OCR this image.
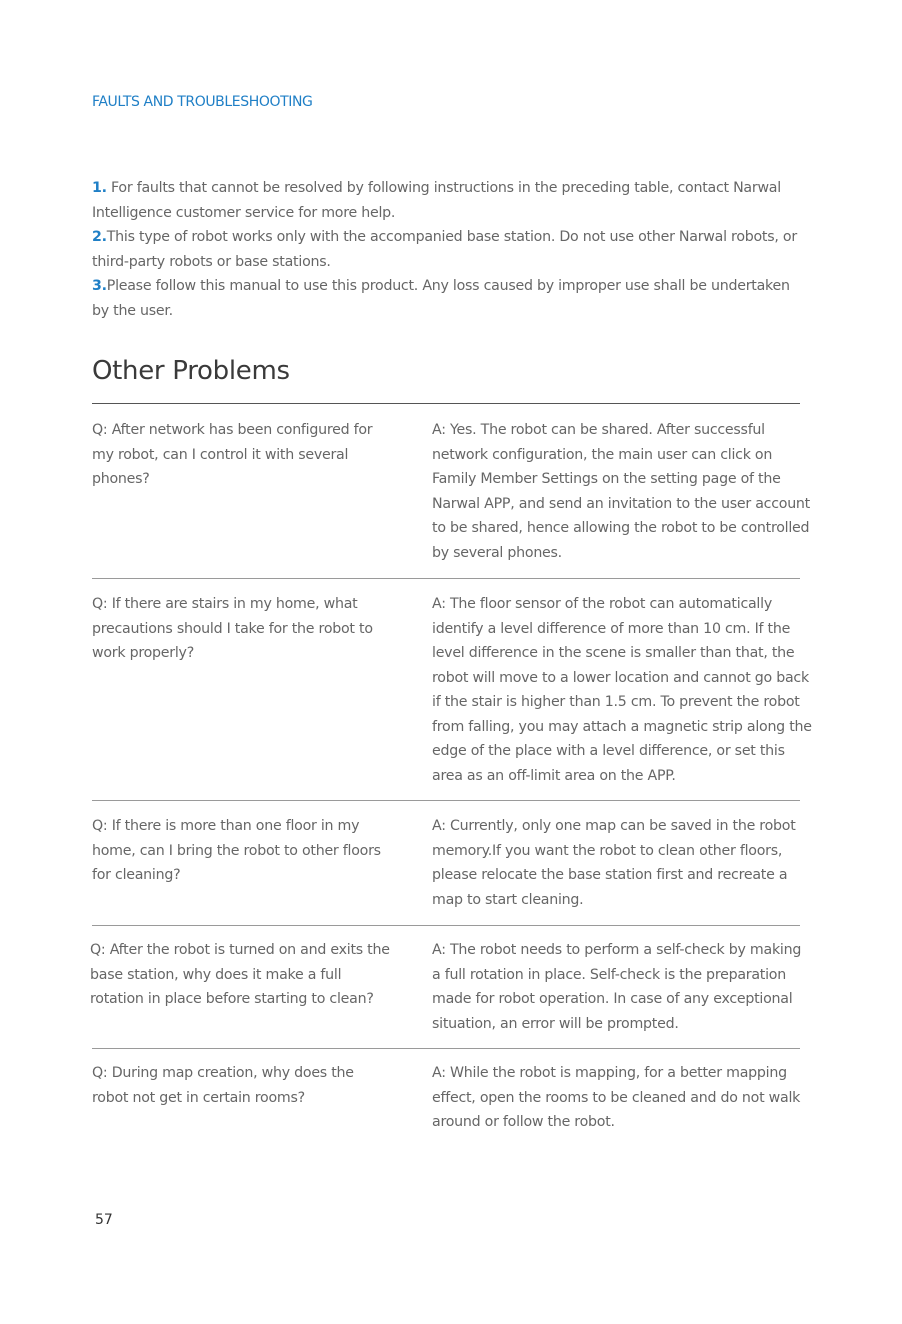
FAULTS AND TROUBLESHOOTING

1. For faults that cannot be resolved by following instructions in the preceding table, contact Narwal Intelligence customer service for more help.

2.This type of robot works only with the accompanied base station. Do not use other Narwal robots, or third-party robots or base stations.

3.Please follow this manual to use this product. Any loss caused by improper use shall be undertaken by the user.

Other Problems
Q: After network has been configured for my robot, can I control it with several phones?
A: Yes. The robot can be shared. After successful network configuration, the main user can click on Family Member Settings on the setting page of the Narwal APP, and send an invitation to the user account to be shared, hence allowing the robot to be controlled by several phones.
Q: If there are stairs in my home, what precautions should I take for the robot to work properly?
A: The floor sensor of the robot can automatically identify a level difference of more than 10 cm. If the level difference in the scene is smaller than that, the robot will move to a lower location and cannot go back if the stair is higher than 1.5 cm. To prevent the robot from falling, you may attach a magnetic strip along the edge of the place with a level difference, or set this area as an off-limit area on the APP.
Q: If there is more than one floor in my home, can I bring the robot to other floors for cleaning?
A: Currently, only one map can be saved in the robot memory.If you want the robot to clean other floors, please relocate the base station first and recreate a map to start cleaning.
Q: After the robot is turned on and exits the base station, why does it make a full rotation in place before starting to clean?
A: The robot needs to perform a self-check by making a full rotation in place. Self-check is the preparation made for robot operation. In case of any exceptional situation, an error will be prompted.
Q: During map creation, why does the robot not get in certain rooms?
A: While the robot is mapping, for a better mapping effect, open the rooms to be cleaned and do not walk around or follow the robot.
57
